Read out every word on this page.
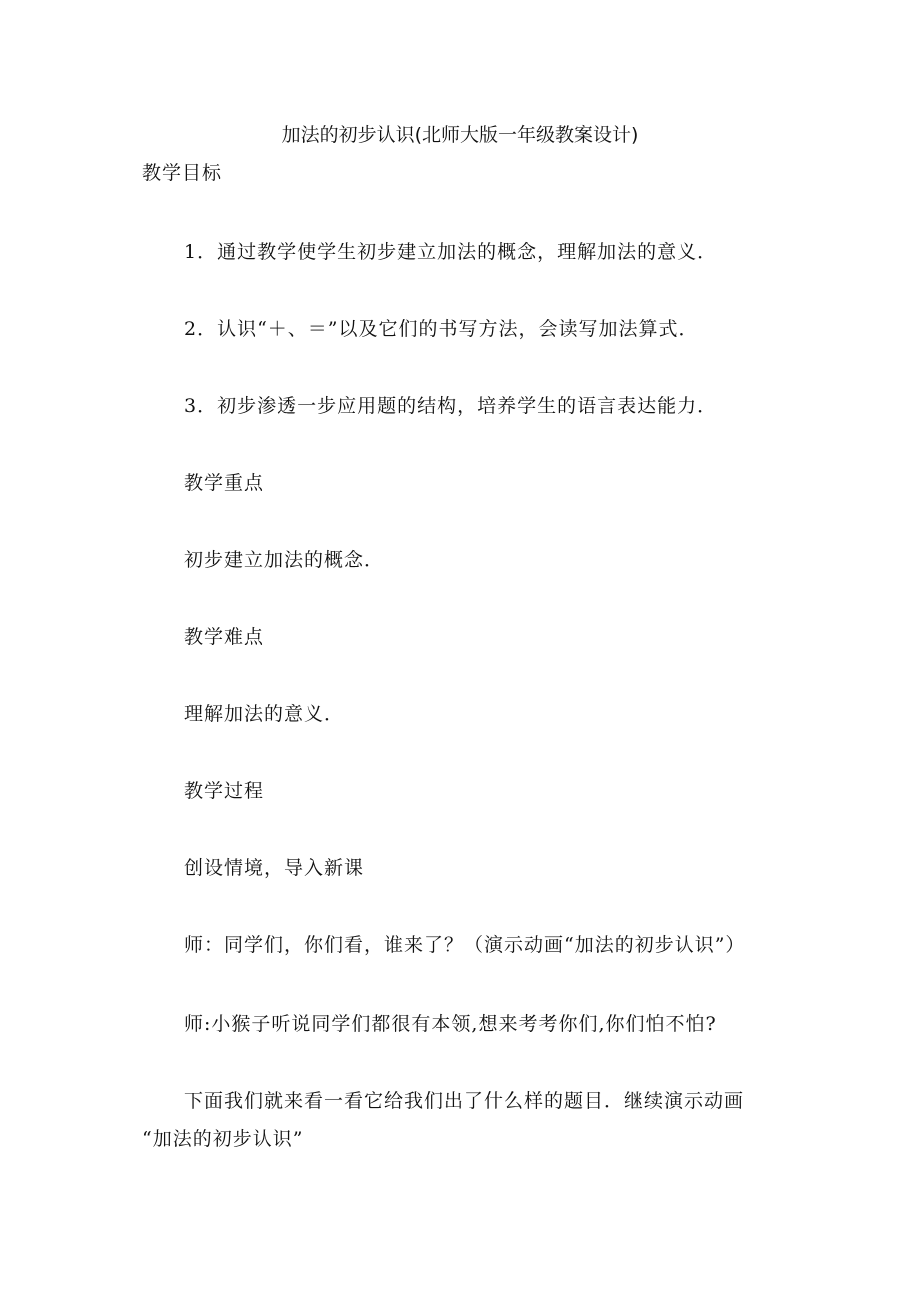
加法的初步认识(北师大版一年级教案设计)

教学目标

1．通过教学使学生初步建立加法的概念，理解加法的意义．

2．认识“＋、＝”以及它们的书写方法，会读写加法算式．

3．初步渗透一步应用题的结构，培养学生的语言表达能力．

教学重点

初步建立加法的概念．

教学难点

理解加法的意义．

教学过程

创设情境，导入新课

师：同学们，你们看，谁来了？（演示动画“加法的初步认识”）

师:小猴子听说同学们都很有本领,想来考考你们,你们怕不怕?

下面我们就来看一看它给我们出了什么样的题目．继续演示动画

“加法的初步认识”
